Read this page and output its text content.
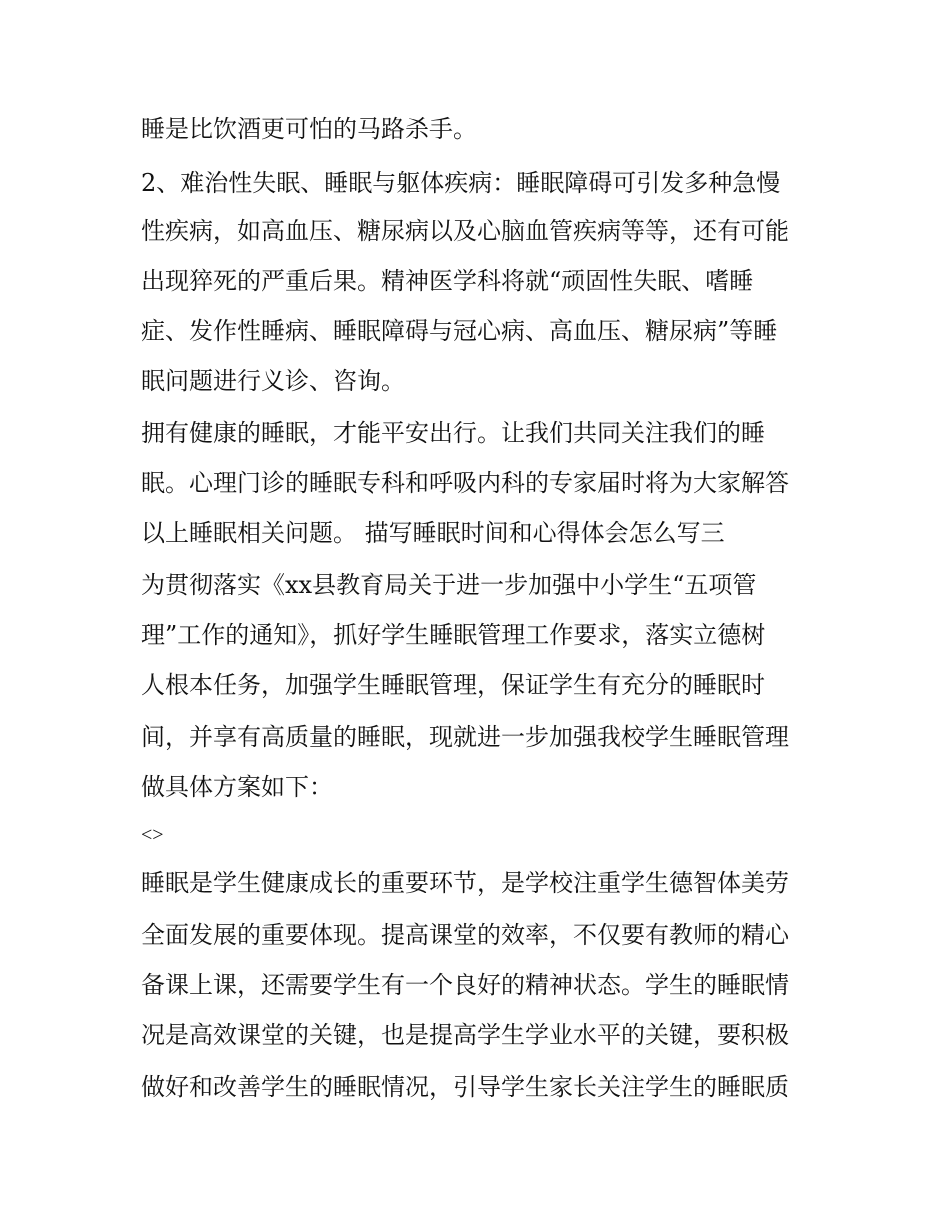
睡是比饮酒更可怕的马路杀手。

2、难治性失眠、睡眠与躯体疾病：睡眠障碍可引发多种急慢

性疾病，如高血压、糖尿病以及心脑血管疾病等等，还有可能

出现猝死的严重后果。精神医学科将就“顽固性失眠、嗜睡

症、发作性睡病、睡眠障碍与冠心病、高血压、糖尿病”等睡

眠问题进行义诊、咨询。

拥有健康的睡眠，才能平安出行。让我们共同关注我们的睡

眠。心理门诊的睡眠专科和呼吸内科的专家届时将为大家解答

以上睡眠相关问题。 描写睡眠时间和心得体会怎么写三

为贯彻落实《xx县教育局关于进一步加强中小学生“五项管

理”工作的通知》，抓好学生睡眠管理工作要求，落实立德树

人根本任务，加强学生睡眠管理，保证学生有充分的睡眠时

间，并享有高质量的睡眠，现就进一步加强我校学生睡眠管理

做具体方案如下：

<>

睡眠是学生健康成长的重要环节，是学校注重学生德智体美劳

全面发展的重要体现。提高课堂的效率，不仅要有教师的精心

备课上课，还需要学生有一个良好的精神状态。学生的睡眠情

况是高效课堂的关键，也是提高学生学业水平的关键，要积极

做好和改善学生的睡眠情况，引导学生家长关注学生的睡眠质
